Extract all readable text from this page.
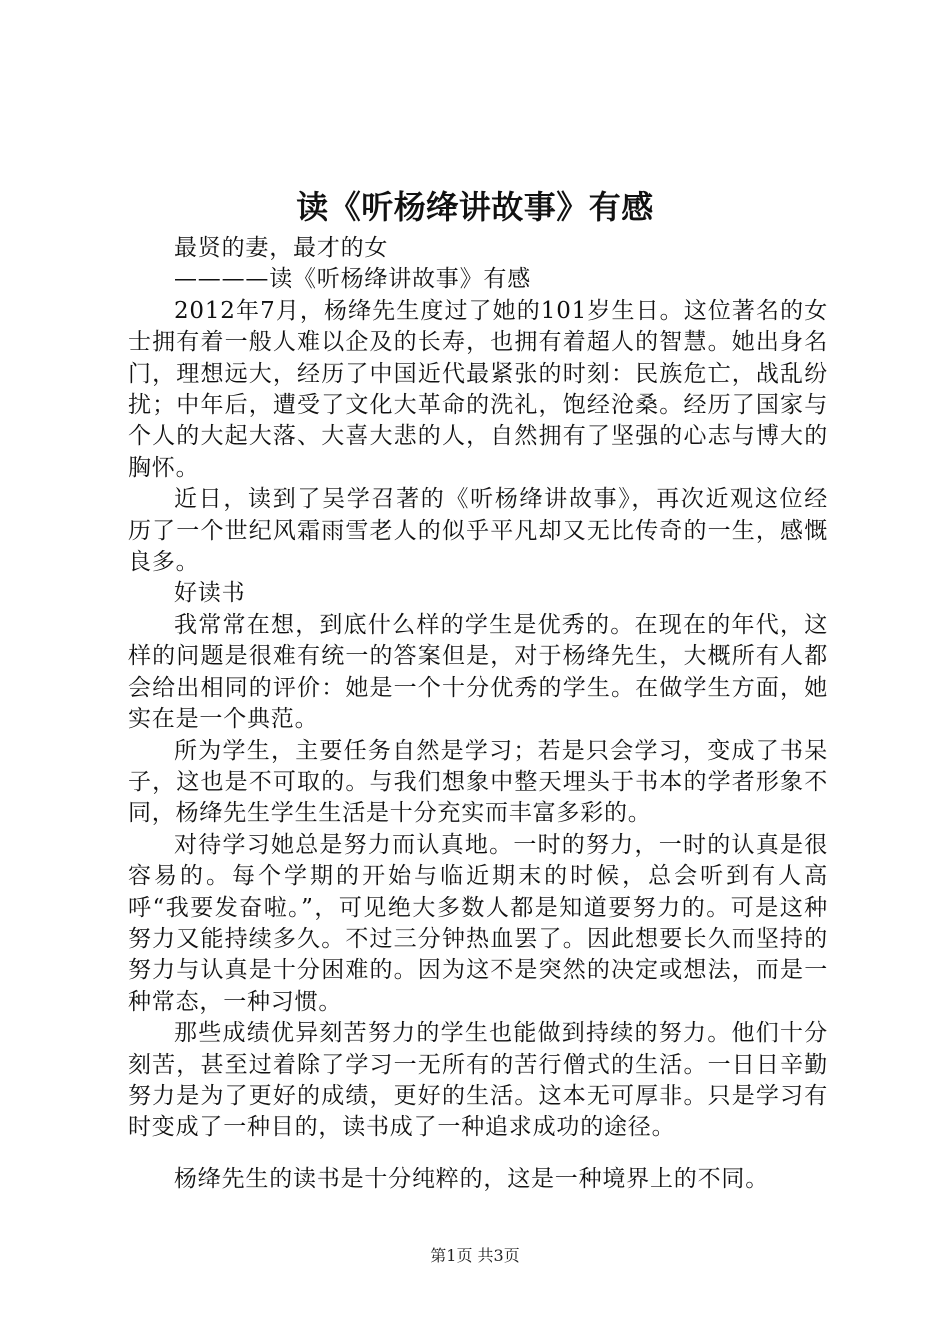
读《听杨绛讲故事》有感

最贤的妻，最才的女

————读《听杨绛讲故事》有感

2012年7月，杨绛先生度过了她的101岁生日。这位著名的女士拥有着一般人难以企及的长寿，也拥有着超人的智慧。她出身名门，理想远大，经历了中国近代最紧张的时刻：民族危亡，战乱纷扰；中年后，遭受了文化大革命的洗礼，饱经沧桑。经历了国家与个人的大起大落、大喜大悲的人，自然拥有了坚强的心志与博大的胸怀。

近日，读到了吴学召著的《听杨绛讲故事》，再次近观这位经历了一个世纪风霜雨雪老人的似乎平凡却又无比传奇的一生，感慨良多。

好读书

我常常在想，到底什么样的学生是优秀的。在现在的年代，这样的问题是很难有统一的答案但是，对于杨绛先生，大概所有人都会给出相同的评价：她是一个十分优秀的学生。在做学生方面，她实在是一个典范。

所为学生，主要任务自然是学习；若是只会学习，变成了书呆子，这也是不可取的。与我们想象中整天埋头于书本的学者形象不同，杨绛先生学生生活是十分充实而丰富多彩的。

对待学习她总是努力而认真地。一时的努力，一时的认真是很容易的。每个学期的开始与临近期末的时候，总会听到有人高呼“我要发奋啦。”，可见绝大多数人都是知道要努力的。可是这种努力又能持续多久。不过三分钟热血罢了。因此想要长久而坚持的努力与认真是十分困难的。因为这不是突然的决定或想法，而是一种常态，一种习惯。

那些成绩优异刻苦努力的学生也能做到持续的努力。他们十分刻苦，甚至过着除了学习一无所有的苦行僧式的生活。一日日辛勤努力是为了更好的成绩，更好的生活。这本无可厚非。只是学习有时变成了一种目的，读书成了一种追求成功的途径。

杨绛先生的读书是十分纯粹的，这是一种境界上的不同。

第1页 共3页
